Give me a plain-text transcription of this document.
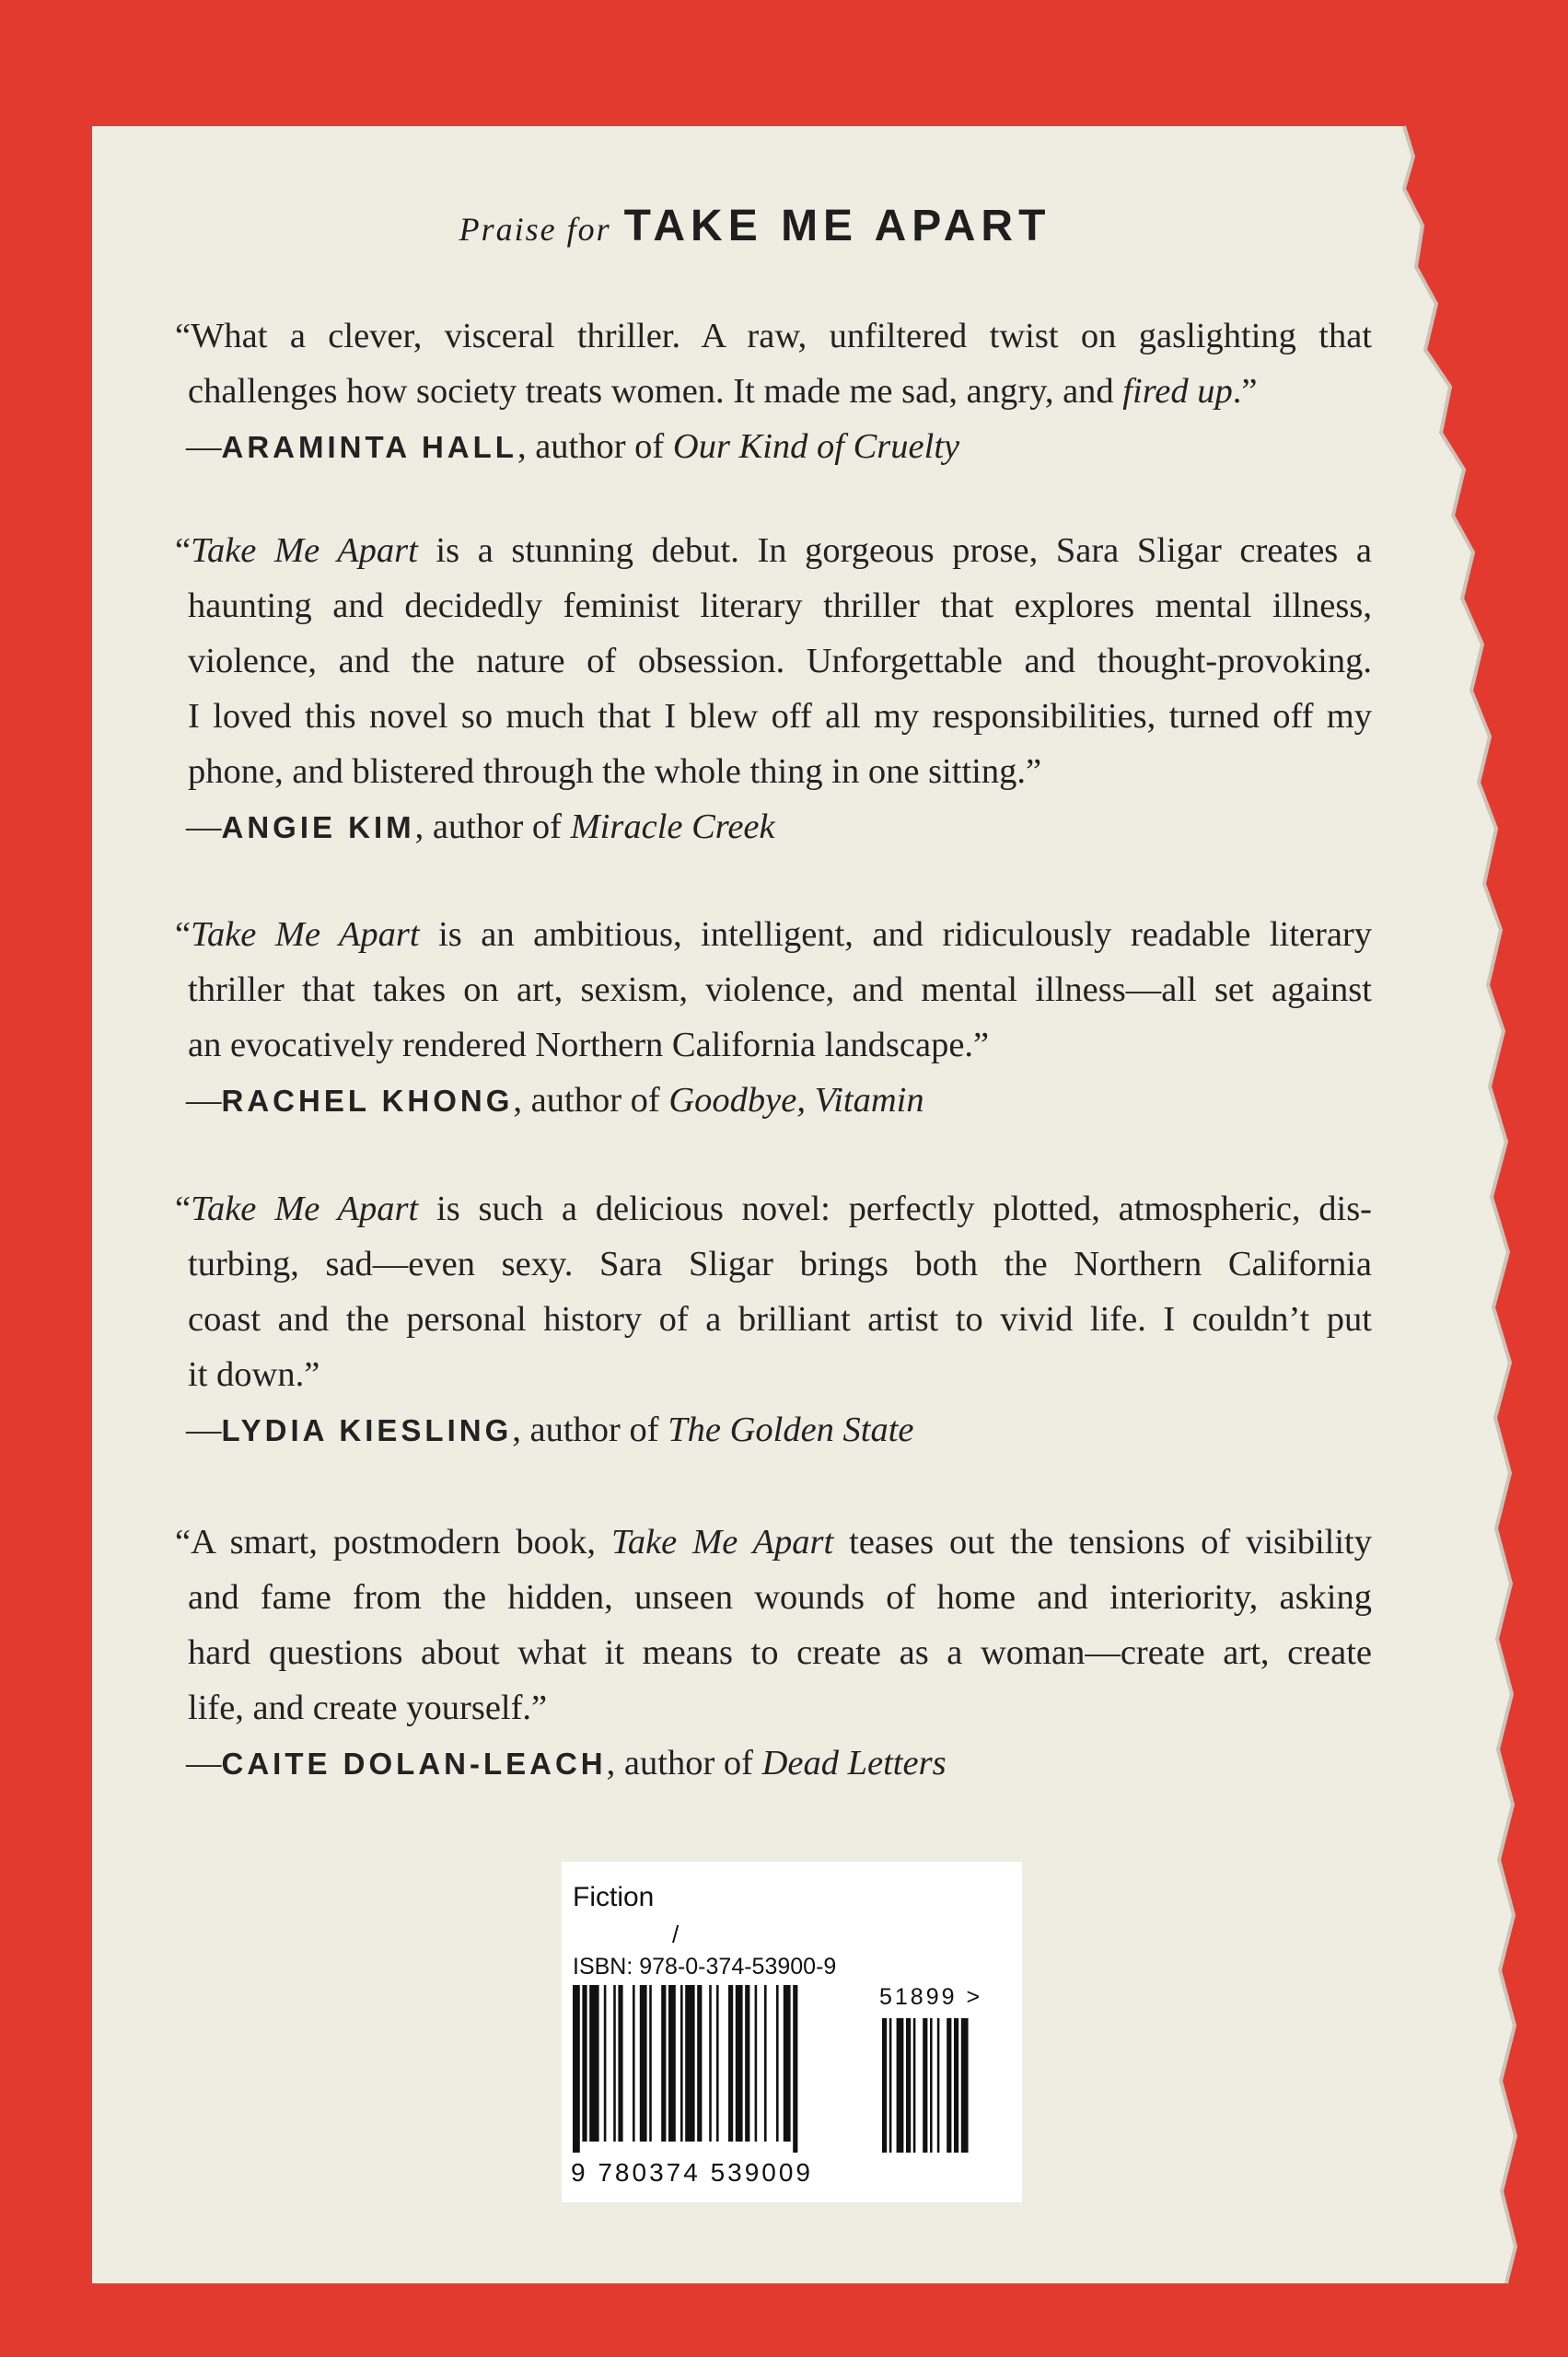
Praise for TAKE ME APART
“What a clever, visceral thriller. A raw, unfiltered twist on gaslighting that
challenges how society treats women. It made me sad, angry, and fired up.”
—ARAMINTA HALL, author of Our Kind of Cruelty
“Take Me Apart is a stunning debut. In gorgeous prose, Sara Sligar creates a
haunting and decidedly feminist literary thriller that explores mental illness,
violence, and the nature of obsession. Unforgettable and thought-provoking.
I loved this novel so much that I blew off all my responsibilities, turned off my
phone, and blistered through the whole thing in one sitting.”
—ANGIE KIM, author of Miracle Creek
“Take Me Apart is an ambitious, intelligent, and ridiculously readable literary
thriller that takes on art, sexism, violence, and mental illness—all set against
an evocatively rendered Northern California landscape.”
—RACHEL KHONG, author of Goodbye, Vitamin
“Take Me Apart is such a delicious novel: perfectly plotted, atmospheric, dis-
turbing, sad—even sexy. Sara Sligar brings both the Northern California
coast and the personal history of a brilliant artist to vivid life. I couldn’t put
it down.”
—LYDIA KIESLING, author of The Golden State
“A smart, postmodern book, Take Me Apart teases out the tensions of visibility
and fame from the hidden, unseen wounds of home and interiority, asking
hard questions about what it means to create as a woman—create art, create
life, and create yourself.”
—CAITE DOLAN-LEACH, author of Dead Letters
Fiction
/
ISBN: 978-0-374-53900-9
51899 >
9 780374 539009
